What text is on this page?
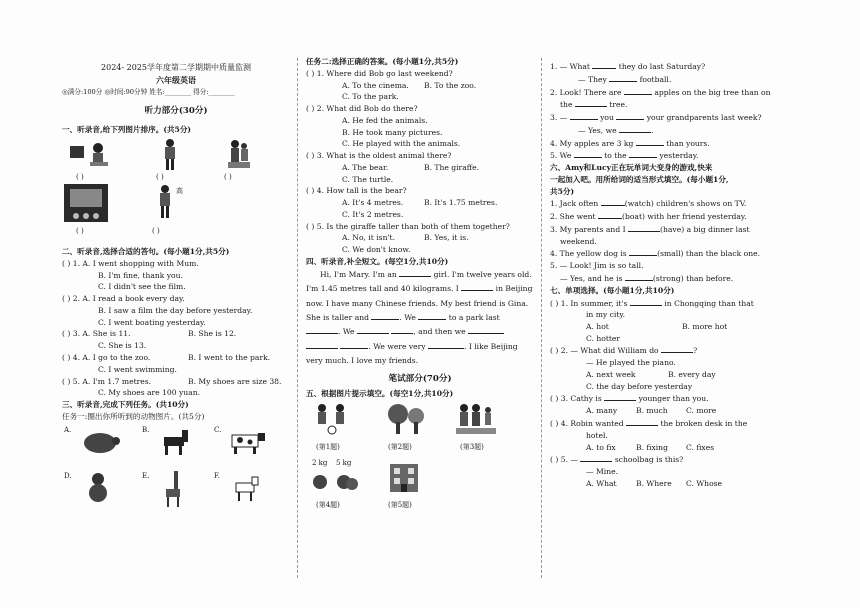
2024- 2025学年度第二学期期中质量监测
六年级英语
◎满分:100分 ◎时间:90分钟 姓名:________ 得分:________
听力部分(30分)
一、听录音,给下列图片排序。(共5分)
( )	( )	( )
高
( )	( )
二、听录音,选择合适的答句。(每小题1分,共5分)
( ) 1. A. I went shopping with Mum.
B. I'm fine, thank you.
C. I didn't see the film.
( ) 2. A. I read a book every day.
B. I saw a film the day before yesterday.
C. I went boating yesterday.
( ) 3. A. She is 11.	B. She is 12.
C. She is 13.
( ) 4. A. I go to the zoo.	B. I went to the park.
C. I went swimming.
( ) 5. A. I'm 1.7 metres.	B. My shoes are size 38.
C. My shoes are 100 yuan.
三、听录音,完成下列任务。(共10分)
任务一:圈出你所听到的动物图片。(共5分)
A.	B.	C.
D.	E.	F.
任务二:选择正确的答案。(每小题1分,共5分)
( ) 1. Where did Bob go last weekend?
A. To the cinema. B. To the zoo.
C. To the park.
( ) 2. What did Bob do there?
A. He fed the animals.
B. He took many pictures.
C. He played with the animals.
( ) 3. What is the oldest animal there?
A. The bear.	B. The giraffe.
C. The turtle.
( ) 4. How tall is the bear?
A. It's 4 metres.	B. It's 1.75 metres.
C. It's 2 metres.
( ) 5. Is the giraffe taller than both of them together?
A. No, it isn't.	B. Yes, it is.
C. We don't know.
四、听录音,补全短文。(每空1分,共10分)
Hi, I'm Mary. I'm an	girl. I'm twelve years old. I'm 1.45 metres tall and 40 kilograms. I	in Beijing now. I have many Chinese friends. My best friend is Gina. She is taller and	. We	to a park last . We	, and then we   . We were very	. I like Beijing very much. I love my friends.
笔试部分(70分)
五、根据图片提示填空。(每空1分,共10分)
(第1题)	(第2题)	(第3题)
2 kg 5 kg
(第4题)	(第5题)
1. — What	they do last Saturday?
— They	football.
2. Look! There are	apples on the big tree than on
the	tree.
3. —	you	your grandparents last week?
— Yes, we	.
4. My apples are 3 kg	than yours.
5. We	to the	yesterday.
六、Amy和Lucy正在玩单词大变身的游戏,快来
一起加入吧。用所给词的适当形式填空。(每小题1分,
共5分)
1. Jack often	(watch) children's shows on TV.
2. She went	(boat) with her friend yesterday.
3. My parents and I	(have) a big dinner last
weekend.
4. The yellow dog is	(small) than the black one.
5. — Look! Jim is so tall.
— Yes, and he is	(strong) than before.
七、单项选择。(每小题1分,共10分)
( ) 1. In summer, it's	in Chongqing than that
in my city.
A. hot	B. more hot
C. hotter
( ) 2. — What did William do	?
— He played the piano.
A. next week	B. every day
C. the day before yesterday
( ) 3. Cathy is	younger than you.
A. many B. much C. more
( ) 4. Robin wanted	the broken desk in the
hotel.
A. to fix	B. fixing C. fixes
( ) 5. —	schoolbag is this?
— Mine.
A. What	B. Where C. Whose
